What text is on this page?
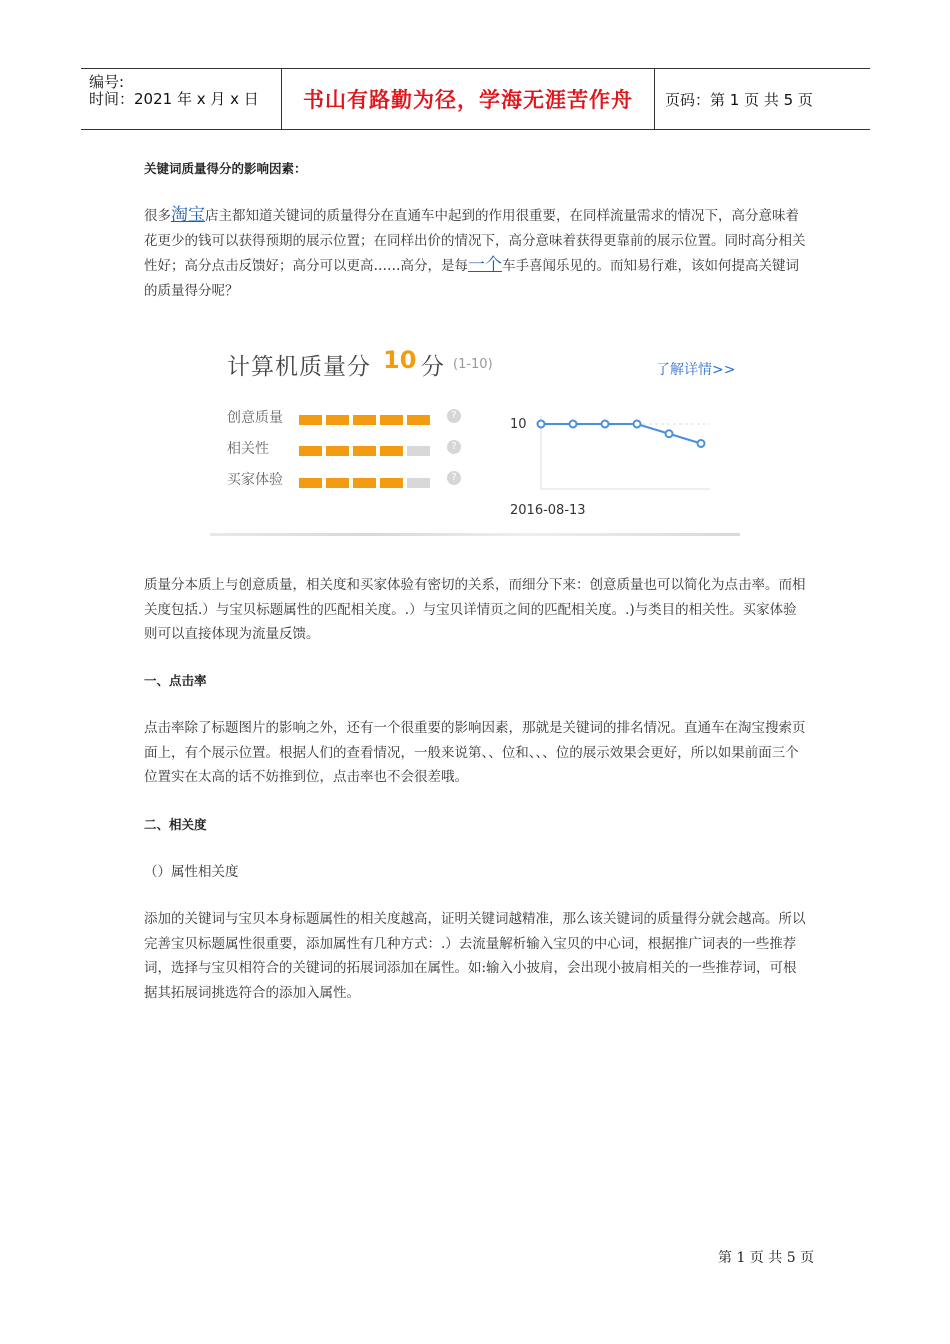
编号:
时间：2021 年 x 月 x 日 书山有路勤为径，学海无涯苦作舟 页码：第 1 页 共 5 页
关键词质量得分的影响因素：
很多淘宝店主都知道关键词的质量得分在直通车中起到的作用很重要，在同样流量需求的情况下，高分意味着花更少的钱可以获得预期的展示位置；在同样出价的情况下，高分意味着获得更靠前的展示位置。同时高分相关性好；高分点击反馈好；高分可以更高……高分，是每一个车手喜闻乐见的。而知易行难，该如何提高关键词的质量得分呢？
计算机质量分 10 分 (1-10)	了解详情>>
创意质量	?
相关性	?
买家体验	?
10
2016-08-13
质量分本质上与创意质量，相关度和买家体验有密切的关系，而细分下来：创意质量也可以简化为点击率。而相关度包括.）与宝贝标题属性的匹配相关度。.）与宝贝详情页之间的匹配相关度。.)与类目的相关性。买家体验则可以直接体现为流量反馈。
一、点击率
点击率除了标题图片的影响之外，还有一个很重要的影响因素，那就是关键词的排名情况。直通车在淘宝搜索页面上，有个展示位置。根据人们的查看情况，一般来说第、、位和、、、位的展示效果会更好，所以如果前面三个位置实在太高的话不妨推到位，点击率也不会很差哦。
二、相关度
（）属性相关度
添加的关键词与宝贝本身标题属性的相关度越高，证明关键词越精准，那么该关键词的质量得分就会越高。所以完善宝贝标题属性很重要，添加属性有几种方式：.）去流量解析输入宝贝的中心词，根据推广词表的一些推荐词，选择与宝贝相符合的关键词的拓展词添加在属性。如:输入小披肩，会出现小披肩相关的一些推荐词，可根据其拓展词挑选符合的添加入属性。
第 1 页 共 5 页
